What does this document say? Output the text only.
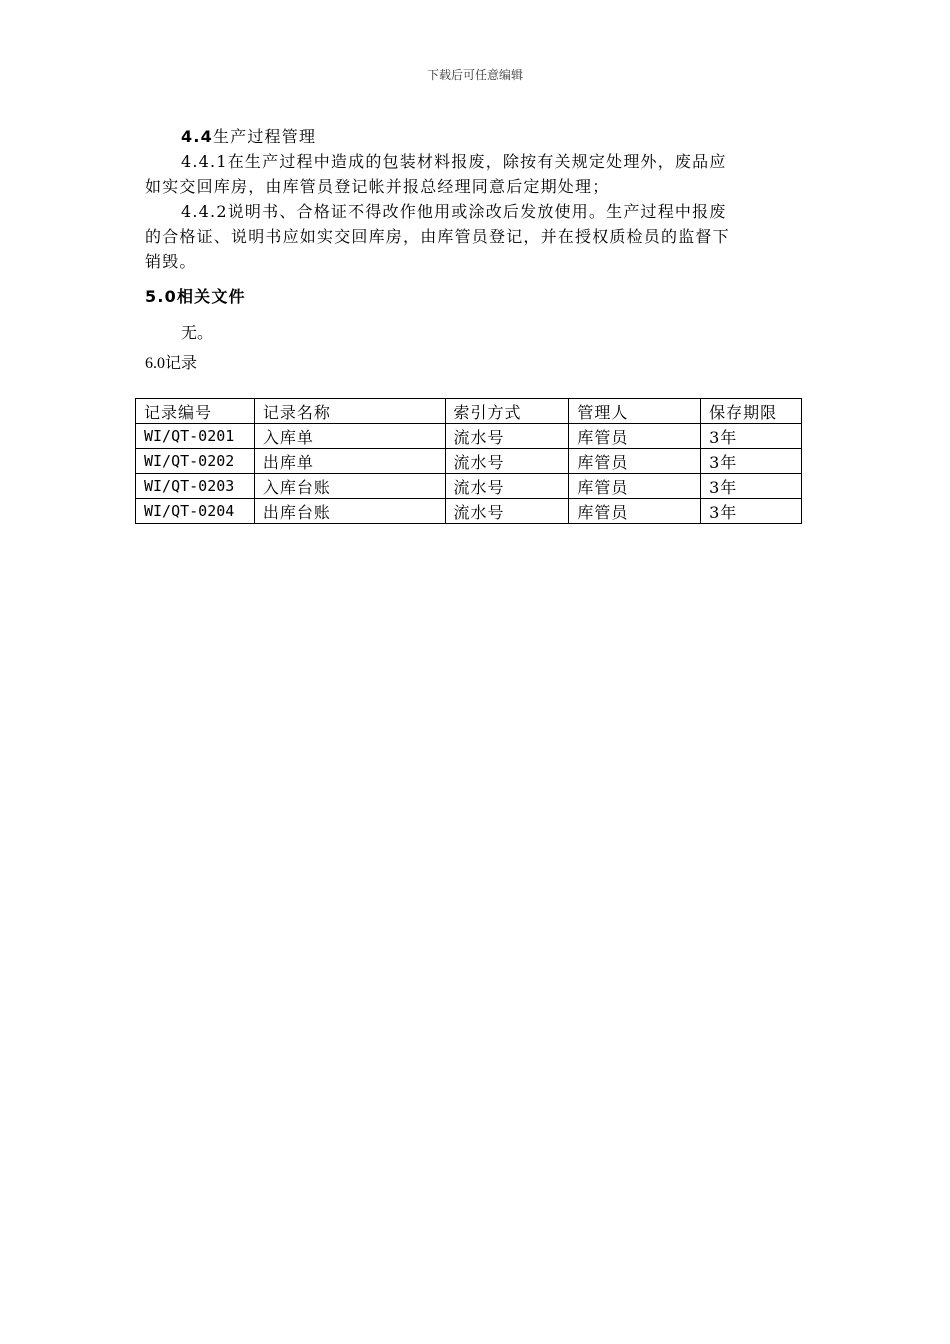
下载后可任意编辑

4.4生产过程管理

4.4.1在生产过程中造成的包装材料报废，除按有关规定处理外，废品应

如实交回库房，由库管员登记帐并报总经理同意后定期处理；

4.4.2说明书、合格证不得改作他用或涂改后发放使用。生产过程中报废

的合格证、说明书应如实交回库房，由库管员登记，并在授权质检员的监督下

销毁。

5.0相关文件
无。
6.0记录
记录编号	记录名称	索引方式	管理人	保存期限
WI/QT-0201	入库单	流水号	库管员	3年
WI/QT-0202	出库单	流水号	库管员	3年
WI/QT-0203	入库台账	流水号	库管员	3年
WI/QT-0204	出库台账	流水号	库管员	3年
